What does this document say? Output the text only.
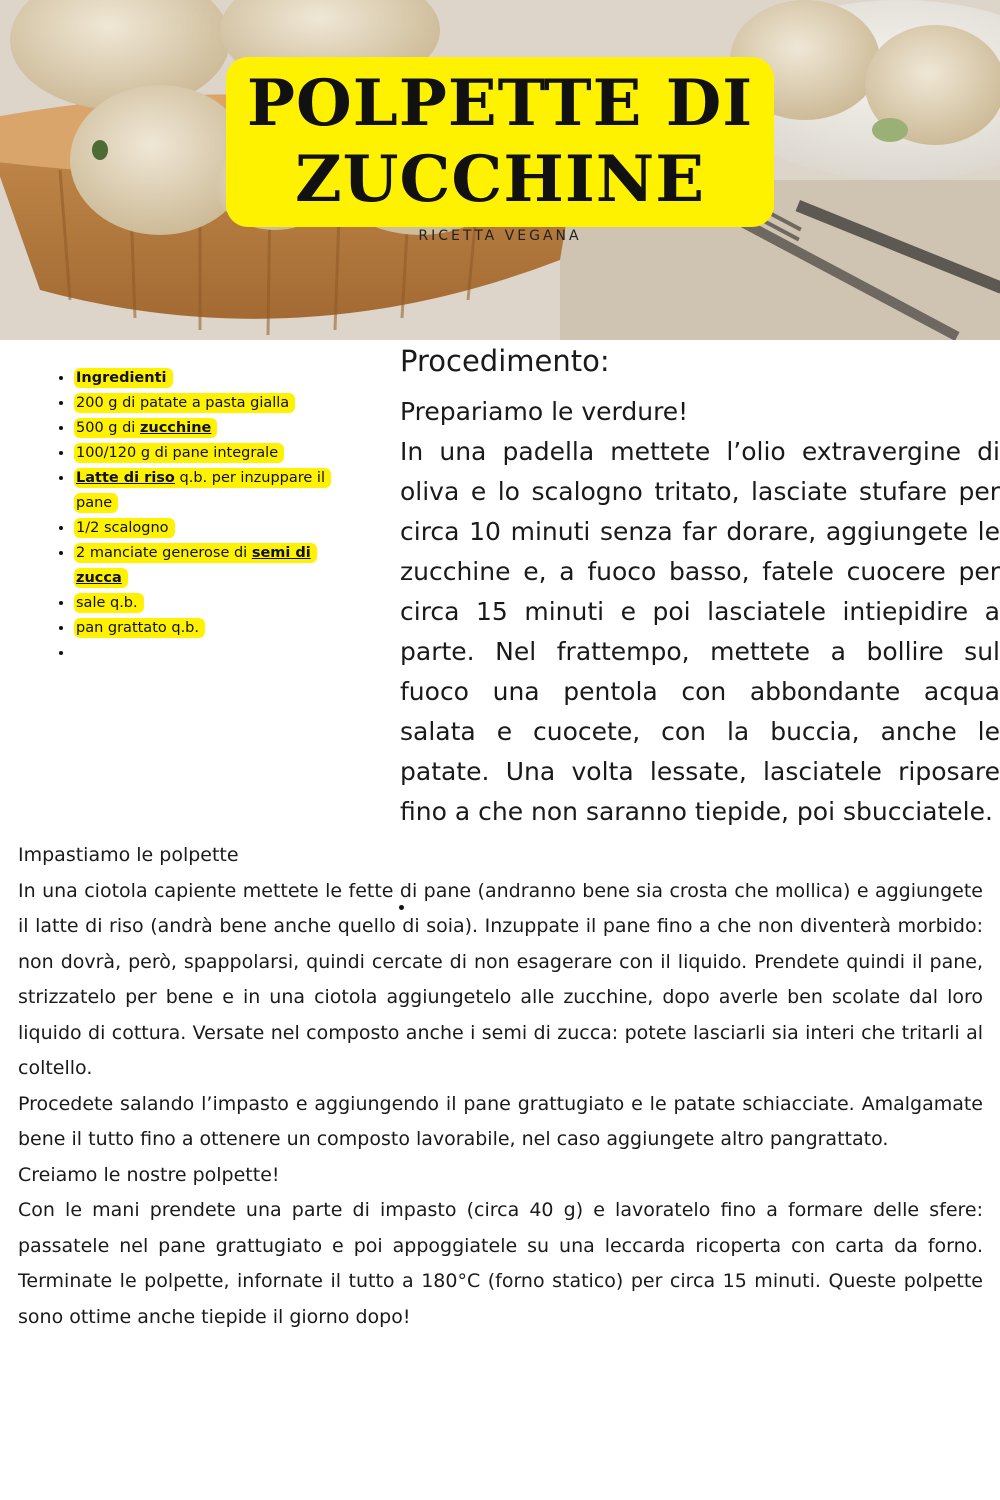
POLPETTE DI
ZUCCHINE
RICETTA VEGANA
• Ingredienti
• 200 g di patate a pasta gialla
• 500 g di zucchine
• 100/120 g di pane integrale
• Latte di riso q.b. per inzuppare il pane
• 1/2 scalogno
• 2 manciate generose di semi di zucca
• sale q.b.
• pan grattato q.b.
•
Procedimento:
Prepariamo le verdure!

In una padella mettete l’olio extravergine di oliva e lo scalogno tritato, lasciate stufare per circa 10 minuti senza far dorare, aggiungete le zucchine e, a fuoco basso, fatele cuocere per circa 15 minuti e poi lasciatele intiepidire a parte. Nel frattempo, mettete a bollire sul fuoco una pentola con abbondante acqua salata e cuocete, con la buccia, anche le patate. Una volta lessate, lasciatele riposare fino a che non saranno tiepide, poi sbucciatele.

Impastiamo le polpette

In una ciotola capiente mettete le fette di pane (andranno bene sia crosta che mollica) e aggiungete il latte di riso (andrà bene anche quello di soia). Inzuppate il pane fino a che non diventerà morbido: non dovrà, però, spappolarsi, quindi cercate di non esagerare con il liquido. Prendete quindi il pane, strizzatelo per bene e in una ciotola aggiungetelo alle zucchine, dopo averle ben scolate dal loro liquido di cottura. Versate nel composto anche i semi di zucca: potete lasciarli sia interi che tritarli al coltello.

Procedete salando l’impasto e aggiungendo il pane grattugiato e le patate schiacciate. Amalgamate bene il tutto fino a ottenere un composto lavorabile, nel caso aggiungete altro pangrattato.

Creiamo le nostre polpette!

Con le mani prendete una parte di impasto (circa 40 g) e lavoratelo fino a formare delle sfere: passatele nel pane grattugiato e poi appoggiatele su una leccarda ricoperta con carta da forno. Terminate le polpette, infornate il tutto a 180°C (forno statico) per circa 15 minuti. Queste polpette sono ottime anche tiepide il giorno dopo!
